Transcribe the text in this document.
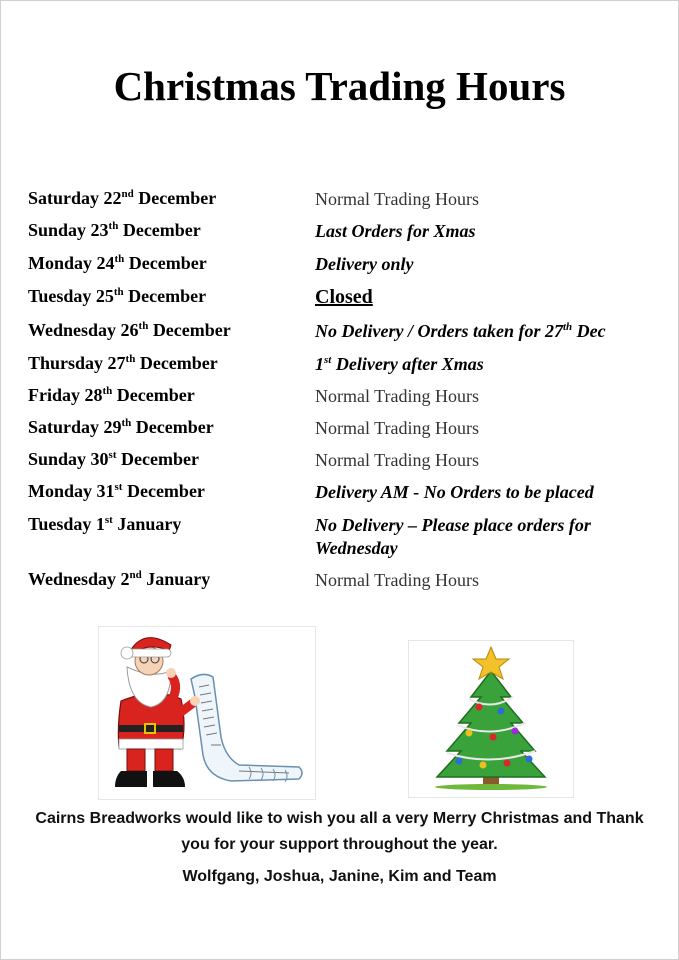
Christmas Trading Hours
Saturday 22nd December	Normal Trading Hours
Sunday 23th December	Last Orders for Xmas
Monday 24th December	Delivery only
Tuesday 25th December	Closed
Wednesday 26th December	No Delivery / Orders taken for 27th Dec
Thursday 27th December	1st Delivery after Xmas
Friday 28th December	Normal Trading Hours
Saturday 29th December	Normal Trading Hours
Sunday 30st December	Normal Trading Hours
Monday 31st December	Delivery AM - No Orders to be placed
Tuesday 1st January	No Delivery – Please place orders for Wednesday
Wednesday 2nd January	Normal Trading Hours
Cairns Breadworks would like to wish you all a very Merry Christmas and Thank you for your support throughout the year.
Wolfgang, Joshua, Janine, Kim and Team
